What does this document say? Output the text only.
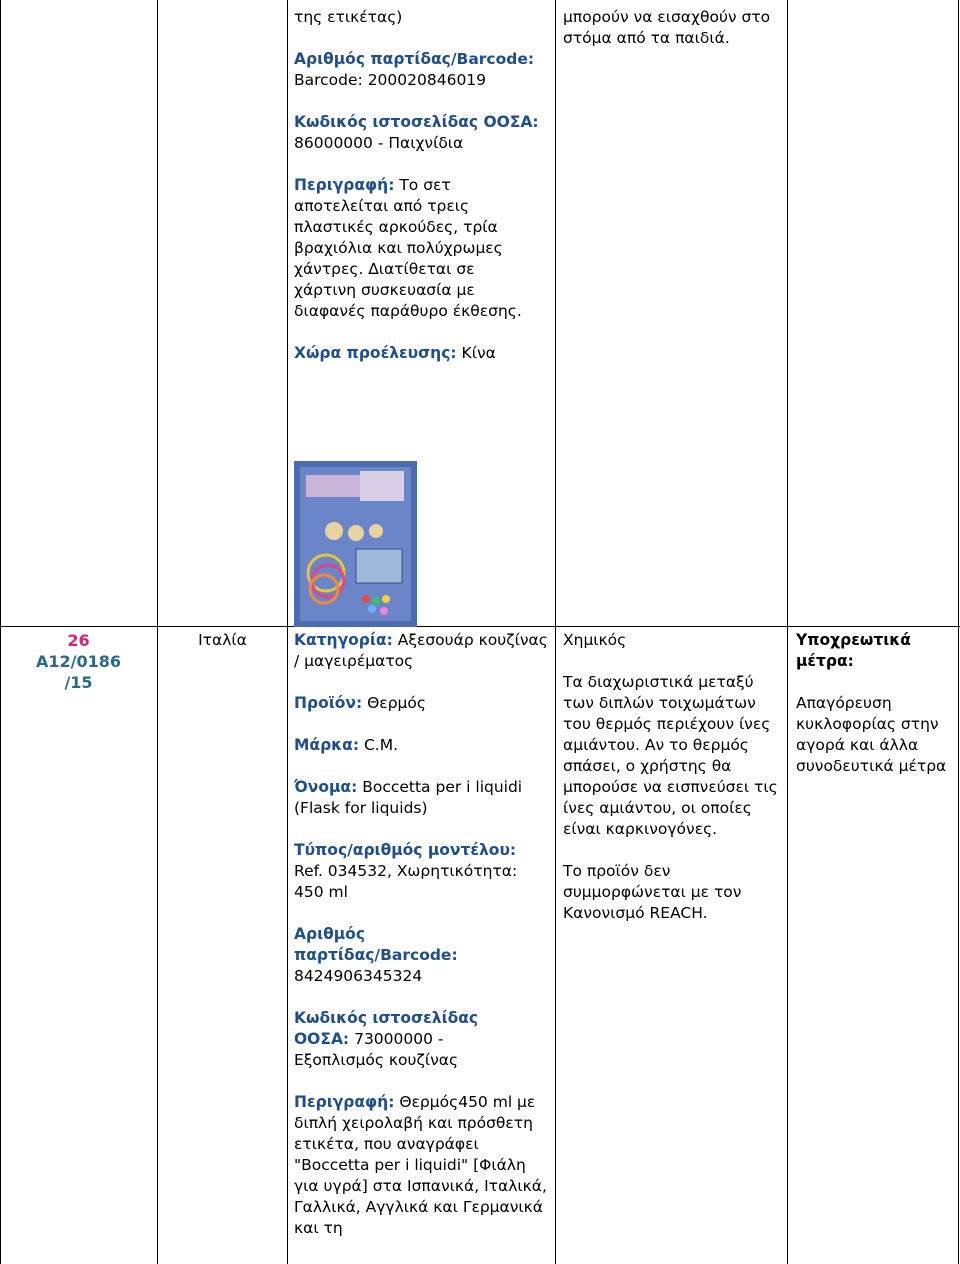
της ετικέτας)

Αριθμός παρτίδας/Barcode:
Barcode: 200020846019

Κωδικός ιστοσελίδας ΟΟΣΑ: 86000000 - Παιχνίδια

Περιγραφή: Το σετ αποτελείται από τρεις πλαστικές αρκούδες, τρία βραχιόλια και πολύχρωμες χάντρες. ∆ιατίθεται σε χάρτινη συσκευασία με διαφανές παράθυρο έκθεσης.

Χώρα προέλευσης: Κίνα

μπορούν να εισαχθούν στο στόμα από τα παιδιά.

26
A12/0186
/15
Ιταλία	Κατηγορία: Αξεσουάρ κουζίνας / μαγειρέματος

Προϊόν: Θερμός

Μάρκα: C.M.

Όνομα: Boccetta per i liquidi (Flask for liquids)

Τύπος/αριθμός μοντέλου: Ref. 034532, Χωρητικότητα: 450 ml

Αριθμός παρτίδας/Barcode:
8424906345324

Κωδικός ιστοσελίδας ΟΟΣΑ: 73000000 - Εξοπλισμός κουζίνας

Περιγραφή: Θερμός450 ml με διπλή χειρολαβή και πρόσθετη ετικέτα, που αναγράφει "Boccetta per i liquidi" [Φιάλη για υγρά] στα Ισπανικά, Ιταλικά, Γαλλικά, Αγγλικά και Γερμανικά και τη

Χημικός

Τα διαχωριστικά μεταξύ των διπλών τοιχωμάτων του θερμός περιέχουν ίνες αμιάντου. Αν το θερμός σπάσει, ο χρήστης θα μπορούσε να εισπνεύσει τις ίνες αμιάντου, οι οποίες είναι καρκινογόνες.

Το προϊόν δεν συμμορφώνεται με τον Κανονισμό REACH.

Υποχρεωτικά μέτρα:

Απαγόρευση κυκλοφορίας στην αγορά και άλλα συνοδευτικά μέτρα
